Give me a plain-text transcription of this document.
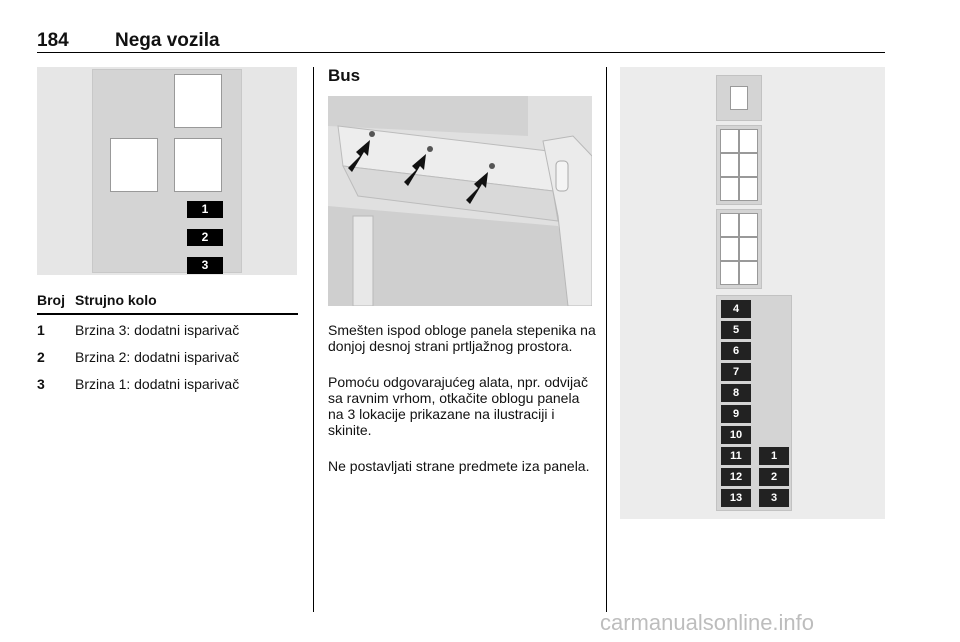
184 Nega vozila
1
2
3
Broj Strujno kolo
1 Brzina 3: dodatni isparivač
2 Brzina 2: dodatni isparivač
3 Brzina 1: dodatni isparivač
Bus
Smešten ispod obloge panela stepenika na donjoj desnoj strani prtljažnog prostora.
Pomoću odgovarajućeg alata, npr. odvijač sa ravnim vrhom, otkačite oblogu panela na 3 lokacije prikazane na ilustraciji i skinite.
Ne postavljati strane predmete iza panela.
4
5
6
7
8
9
10
11
12
13
1
2
3
carmanualsonline.info
